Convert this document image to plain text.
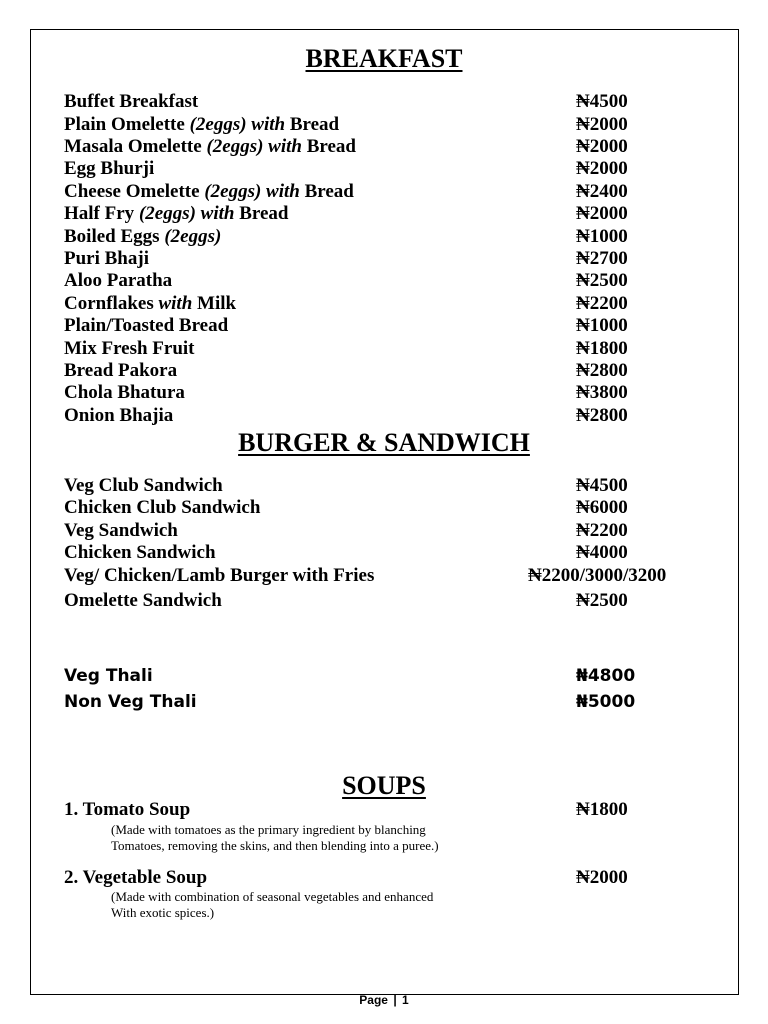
BREAKFAST
Buffet Breakfast	₦4500
Plain Omelette (2eggs) with Bread	₦2000
Masala Omelette (2eggs) with Bread	₦2000
Egg Bhurji	₦2000
Cheese Omelette (2eggs) with Bread	₦2400
Half Fry (2eggs) with Bread	₦2000
Boiled Eggs (2eggs)	₦1000
Puri Bhaji	₦2700
Aloo Paratha	₦2500
Cornflakes with Milk	₦2200
Plain/Toasted Bread	₦1000
Mix Fresh Fruit	₦1800
Bread Pakora	₦2800
Chola Bhatura	₦3800
Onion Bhajia	₦2800
BURGER & SANDWICH
Veg Club Sandwich	₦4500
Chicken Club Sandwich	₦6000
Veg Sandwich	₦2200
Chicken Sandwich	₦4000
Veg/ Chicken/Lamb Burger with Fries	₦2200/3000/3200
Omelette Sandwich	₦2500
Veg Thali	₦4800
Non Veg Thali	₦5000
SOUPS
1. Tomato Soup	₦1800
(Made with tomatoes as the primary ingredient by blanching
Tomatoes, removing the skins, and then blending into a puree.)
2. Vegetable Soup	₦2000
(Made with combination of seasonal vegetables and enhanced
With exotic spices.)
Page | 1
